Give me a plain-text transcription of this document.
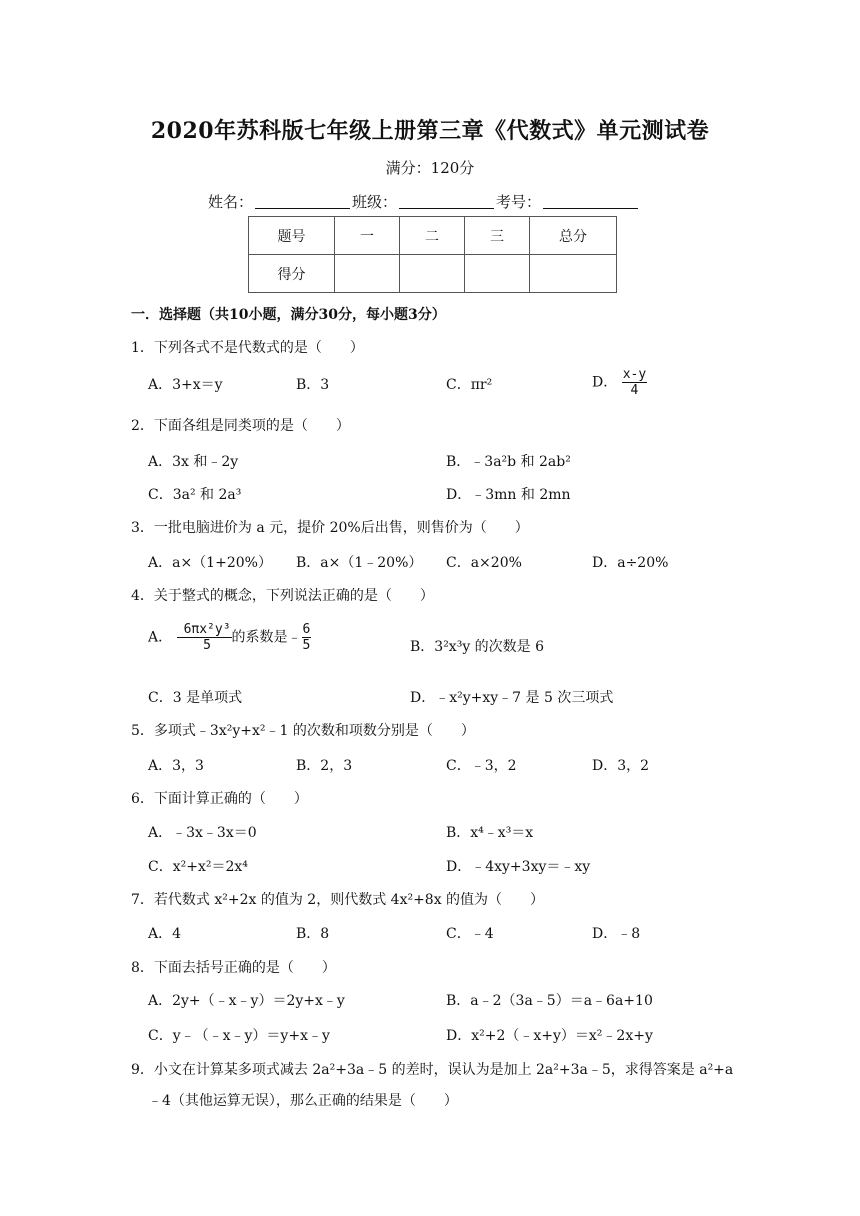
2020年苏科版七年级上册第三章《代数式》单元测试卷
满分：120分
姓名：	班级：	考号：
题号	一	二	三	总分
得分				
一．选择题（共10小题，满分30分，每小题3分）
1．下列各式不是代数式的是（　　）
A．3+x＝y	B．3	C．πr²	D． $\frac{x-y}{4}$
2．下面各组是同类项的是（　　）
A．3x 和﹣2y	B．﹣3a²b 和 2ab²
C．3a² 和 2a³	D．﹣3mn 和 2mn
3．一批电脑进价为 a 元，提价 20%后出售，则售价为（　　）
A．a×（1+20%） B．a×（1﹣20%） C．a×20%	D．a÷20%
4．关于整式的概念，下列说法正确的是（　　）
A． $\frac{\text{6πx²y³}}{5}$ 的系数是﹣ $\frac{6}{5}$	B．3²x³y 的次数是 6
C．3 是单项式	D．﹣x²y+xy﹣7 是 5 次三项式
5．多项式﹣3x²y+x²﹣1 的次数和项数分别是（　　）
A．3，3	B．2，3	C．﹣3，2	D．3，2
6．下面计算正确的（　　）
A．﹣3x﹣3x＝0	B．x⁴﹣x³＝x
C．x²+x²＝2x⁴	D．﹣4xy+3xy＝﹣xy
7．若代数式 x²+2x 的值为 2，则代数式 4x²+8x 的值为（　　）
A．4	B．8	C．﹣4	D．﹣8
8．下面去括号正确的是（　　）
A．2y+（﹣x﹣y）＝2y+x﹣y	B．a﹣2（3a﹣5）＝a﹣6a+10
C．y﹣（﹣x﹣y）＝y+x﹣y	D．x²+2（﹣x+y）＝x²﹣2x+y
9．小文在计算某多项式减去 2a²+3a﹣5 的差时，误认为是加上 2a²+3a﹣5，求得答案是 a²+a
﹣4（其他运算无误），那么正确的结果是（　　）
